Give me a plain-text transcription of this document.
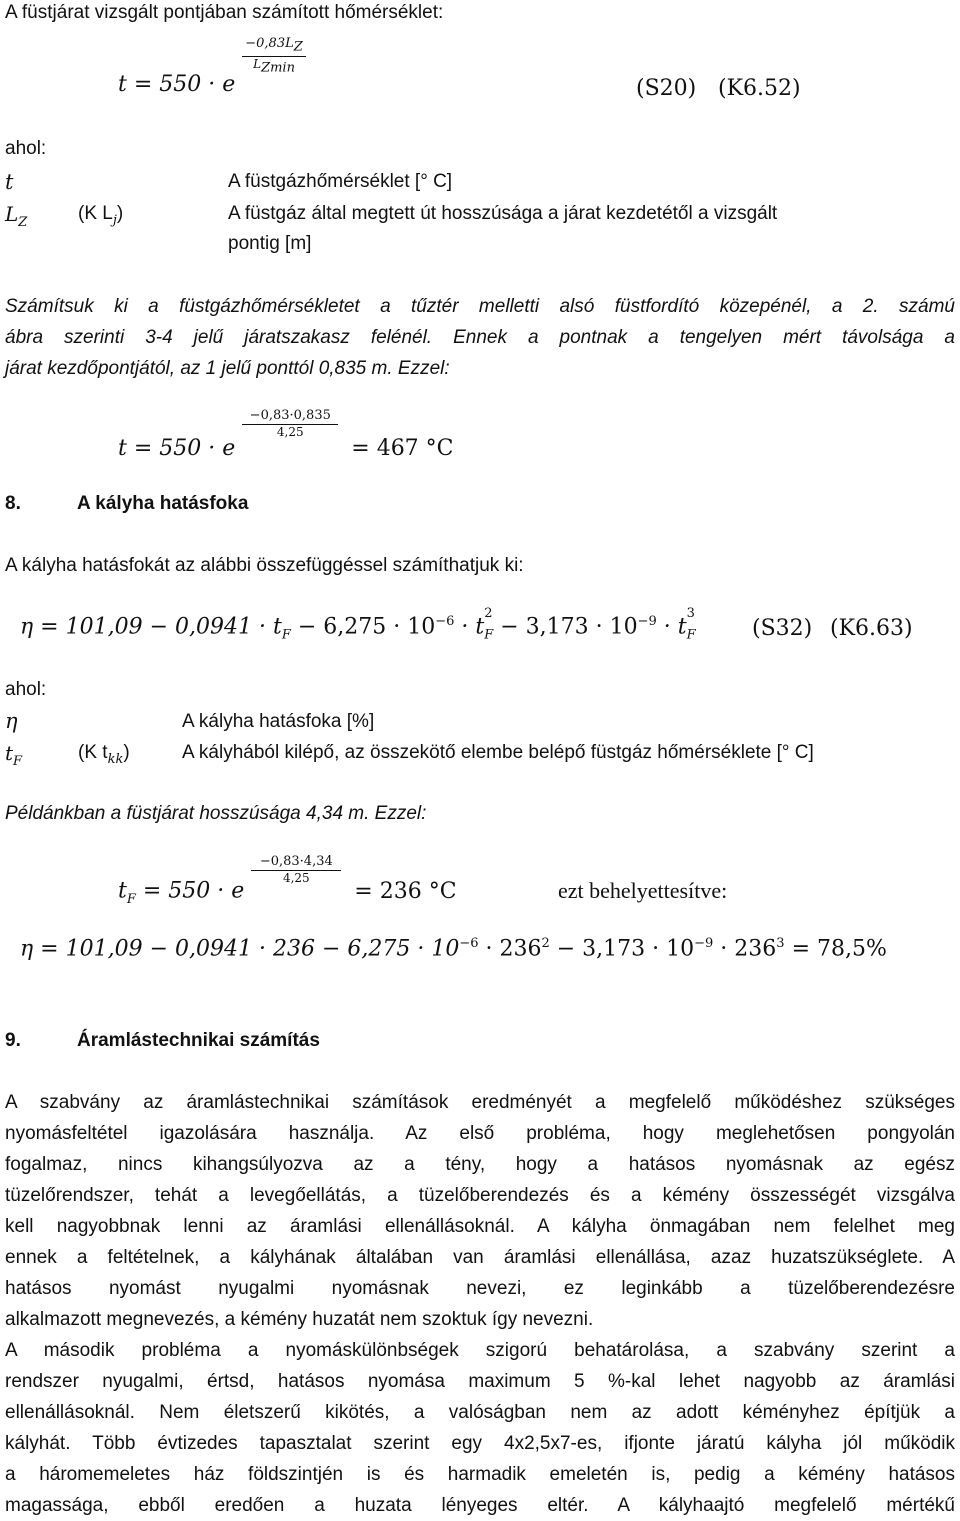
A füstjárat vizsgált pontjában számított hőmérséklet:
t = 550 · e
$\frac{-0,83L_Z}{L_{Zmin}}$
(S20) (K6.52)
ahol:
t	A füstgázhőmérséklet [° C]
$L_Z$	(K $L_j$)	A füstgáz által megtett út hosszúsága a járat kezdetétől a vizsgált
pontig [m]
Számítsuk ki a füstgázhőmérsékletet a tűztér melletti alsó füstfordító közepénél, a 2. számú
ábra szerinti 3-4 jelű járatszakasz felénél. Ennek a pontnak a tengelyen mért távolsága a
járat kezdőpontjától, az 1 jelű ponttól 0,835 m. Ezzel:
t = 550 · e
$\frac{-0,83\cdot 0,835}{4,25}$
= 467 °C
8.	A kályha hatásfoka
A kályha hatásfokát az alábbi összefüggéssel számíthatjuk ki:
$\eta = 101,09 - 0,0941 \cdot t_F - 6,275 \cdot 10^{-6} \cdot t$
2
$_F - 3,173 \cdot 10^{-9} \cdot t$
3
$_F$	(S32) (K6.63)
ahol:
η	A kályha hatásfoka [%]
$t_F$	(K $t_{kk}$)	A kályhából kilépő, az összekötő elembe belépő füstgáz hőmérséklete [° C]
Példánkban a füstjárat hosszúsága 4,34 m. Ezzel:
$t_F = 550 \cdot e$
$\frac{-0,83\cdot 4,34}{4,25}$
= 236 °C	ezt behelyettesítve:
$\eta = 101,09 - 0,0941 \cdot 236 - 6,275 \cdot 10^{-6} \cdot 236^2 - 3,173 \cdot 10^{-9} \cdot 236^3 = 78,5\%$
9.	Áramlástechnikai számítás
A szabvány az áramlástechnikai számítások eredményét a megfelelő működéshez szükséges
nyomásfeltétel igazolására használja. Az első probléma, hogy meglehetősen pongyolán
fogalmaz, nincs kihangsúlyozva az a tény, hogy a hatásos nyomásnak az egész
tüzelőrendszer, tehát a levegőellátás, a tüzelőberendezés és a kémény összességét vizsgálva
kell nagyobbnak lenni az áramlási ellenállásoknál. A kályha önmagában nem felelhet meg
ennek a feltételnek, a kályhának általában van áramlási ellenállása, azaz huzatszükséglete. A
hatásos nyomást nyugalmi nyomásnak nevezi, ez leginkább a tüzelőberendezésre
alkalmazott megnevezés, a kémény huzatát nem szoktuk így nevezni.
A második probléma a nyomáskülönbségek szigorú behatárolása, a szabvány szerint a
rendszer nyugalmi, értsd, hatásos nyomása maximum 5 %-kal lehet nagyobb az áramlási
ellenállásoknál. Nem életszerű kikötés, a valóságban nem az adott kéményhez építjük a
kályhát. Több évtizedes tapasztalat szerint egy 4x2,5x7-es, ifjonte járatú kályha jól működik
a háromemeletes ház földszintjén is és harmadik emeletén is, pedig a kémény hatásos
magassága, ebből eredően a huzata lényeges eltér. A kályhaajtó megfelelő mértékű
